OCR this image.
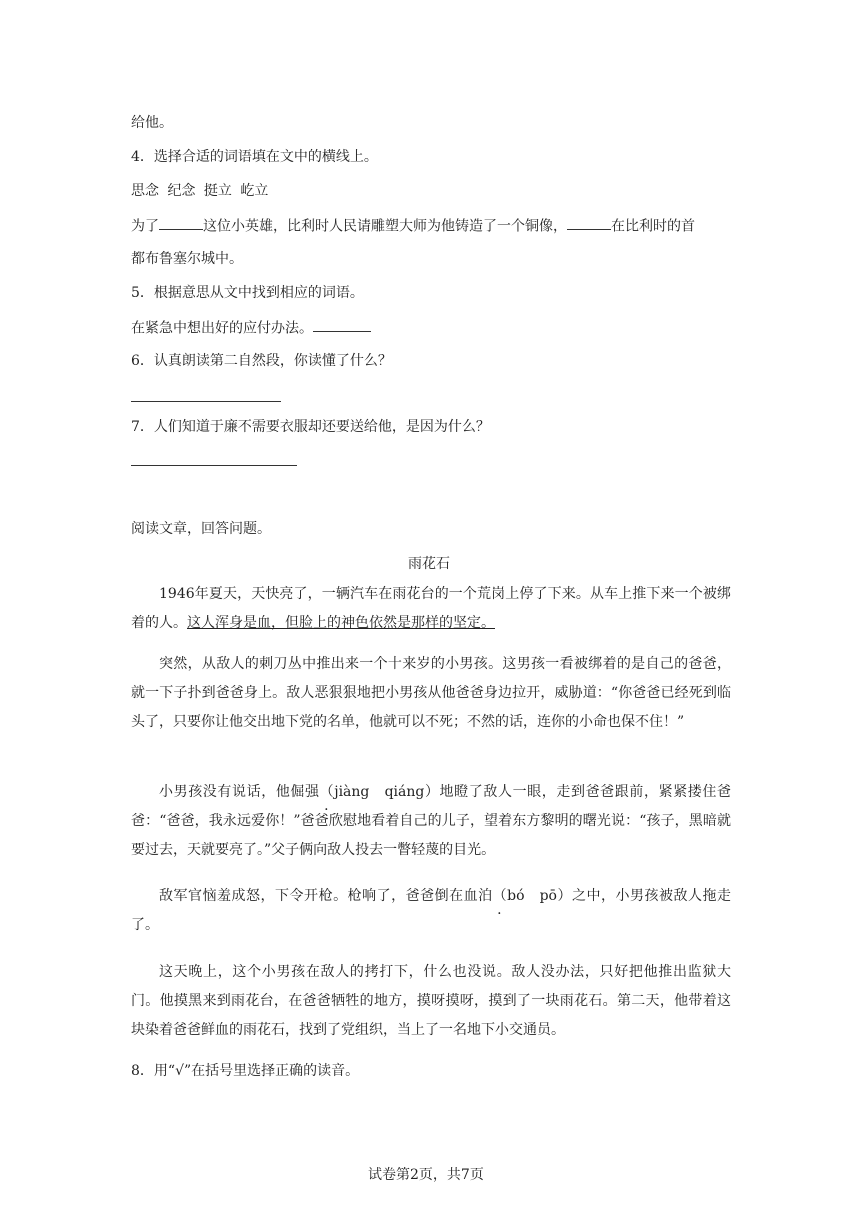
给他。
4．选择合适的词语填在文中的横线上。
思念 纪念 挺立 屹立
为了	这位小英雄，比利时人民请雕塑大师为他铸造了一个铜像，	在比利时的首
都布鲁塞尔城中。
5．根据意思从文中找到相应的词语。
在紧急中想出好的应付办法。
6．认真朗读第二自然段，你读懂了什么？
7．人们知道于廉不需要衣服却还要送给他，是因为什么？
阅读文章，回答问题。
雨花石
1946年夏天，天快亮了，一辆汽车在雨花台的一个荒岗上停了下来。从车上推下来一个被绑着的人。这人浑身是血，但脸上的神色依然是那样的坚定。
突然，从敌人的刺刀丛中推出来一个十来岁的小男孩。这男孩一看被绑着的是自己的爸爸，就一下子扑到爸爸身上。敌人恶狠狠地把小男孩从他爸爸身边拉开，威胁道：“你爸爸已经死到临头了，只要你让他交出地下党的名单，他就可以不死；不然的话，连你的小命也保不住！”
小男孩没有说话，他倔强（jiàng　qiáng）地瞪了敌人一眼，走到爸爸跟前，紧紧搂住爸爸：“爸爸，我永远爱你！”爸爸欣慰地看着自己的儿子，望着东方黎明的曙光说：“孩子，黑暗就要过去，天就要亮了。”父子俩向敌人投去一瞥轻蔑的目光。
敌军官恼羞成怒，下令开枪。枪响了，爸爸倒在血泊（bó　pō）之中，小男孩被敌人拖走了。
这天晚上，这个小男孩在敌人的拷打下，什么也没说。敌人没办法，只好把他推出监狱大门。他摸黑来到雨花台，在爸爸牺牲的地方，摸呀摸呀，摸到了一块雨花石。第二天，他带着这块染着爸爸鲜血的雨花石，找到了党组织，当上了一名地下小交通员。
8．用“√”在括号里选择正确的读音。
试卷第2页，共7页
